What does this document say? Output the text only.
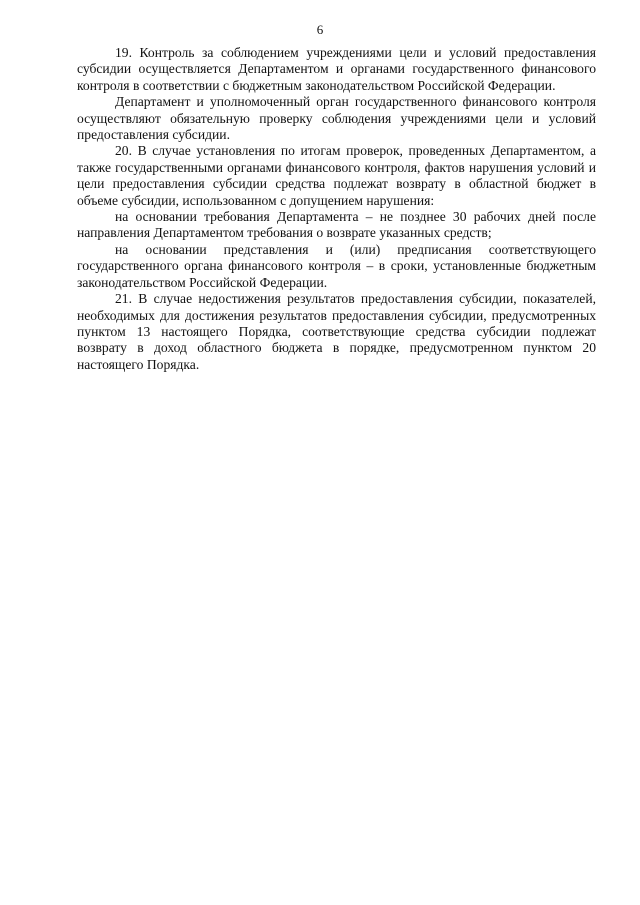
6

19. Контроль за соблюдением учреждениями цели и условий предоставления субсидии осуществляется Департаментом и органами государственного финансового контроля в соответствии с бюджетным законодательством Российской Федерации.

Департамент и уполномоченный орган государственного финансового контроля осуществляют обязательную проверку соблюдения учреждениями цели и условий предоставления субсидии.

20. В случае установления по итогам проверок, проведенных Департаментом, а также государственными органами финансового контроля, фактов нарушения условий и цели предоставления субсидии средства подлежат возврату в областной бюджет в объеме субсидии, использованном с допущением нарушения:

на основании требования Департамента – не позднее 30 рабочих дней после направления Департаментом требования о возврате указанных средств;

на основании представления и (или) предписания соответствующего государственного органа финансового контроля – в сроки, установленные бюджетным законодательством Российской Федерации.

21. В случае недостижения результатов предоставления субсидии, показателей, необходимых для достижения результатов предоставления субсидии, предусмотренных пунктом 13 настоящего Порядка, соответствующие средства субсидии подлежат возврату в доход областного бюджета в порядке, предусмотренном пунктом 20 настоящего Порядка.
